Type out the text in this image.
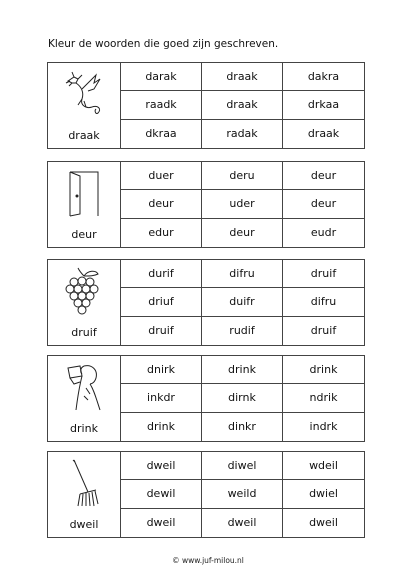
Kleur de woorden die goed zijn geschreven.
draak
darak	draak	dakra
raadk	draak	drkaa
dkraa	radak	draak
deur
duer	deru	deur
deur	uder	deur
edur	deur	eudr
druif
durif	difru	druif
driuf	duifr	difru
druif	rudif	druif
drink
dnirk	drink	drink
inkdr	dirnk	ndrik
drink	dinkr	indrk
dweil
dweil	diwel	wdeil
dewil	weild	dwiel
dweil	dweil	dweil
© www.juf-milou.nl
